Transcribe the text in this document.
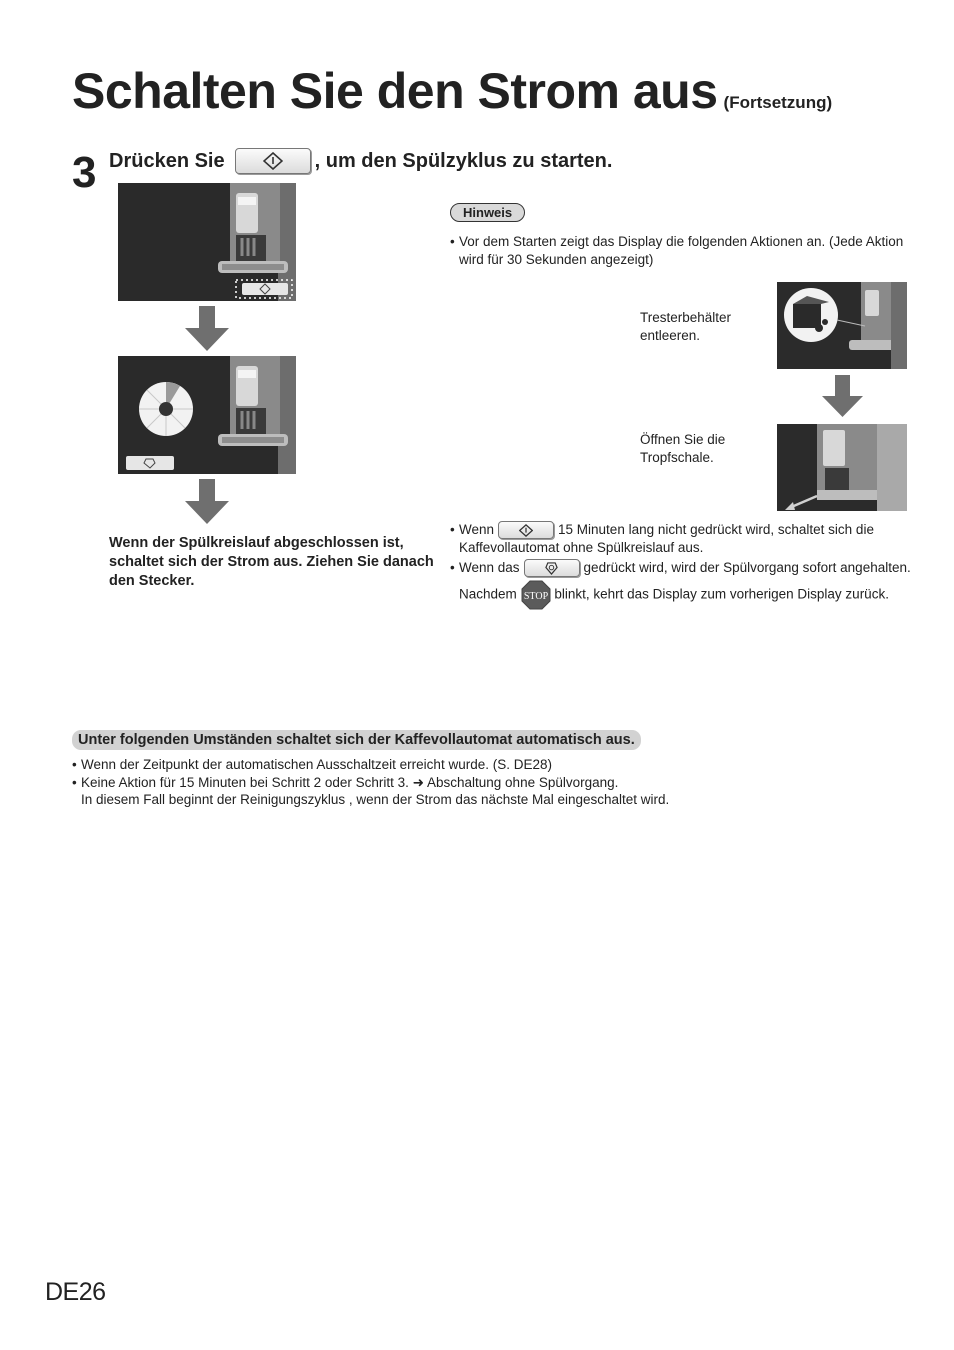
Schalten Sie den Strom aus (Fortsetzung)
3 Drücken Sie	, um den Spülzyklus zu starten.
Wenn der Spülkreislauf abgeschlossen ist, schaltet sich der Strom aus. Ziehen Sie danach den Stecker.
Hinweis
• Vor dem Starten zeigt das Display die folgenden Aktionen an. (Jede Aktion wird für 30 Sekunden angezeigt)
Tresterbehälter entleeren.
Öffnen Sie die Tropfschale.
• Wenn	15 Minuten lang nicht gedrückt wird, schaltet sich die Kaffevollautomat ohne Spülkreislauf aus.
• Wenn das	gedrückt wird, wird der Spülvorgang sofort angehalten.
Nachdem STOP blinkt, kehrt das Display zum vorherigen Display zurück.
Unter folgenden Umständen schaltet sich der Kaffevollautomat automatisch aus.
• Wenn der Zeitpunkt der automatischen Ausschaltzeit erreicht wurde. (S. DE28)
• Keine Aktion für 15 Minuten bei Schritt 2 oder Schritt 3. ➜ Abschaltung ohne Spülvorgang.
In diesem Fall beginnt der Reinigungszyklus , wenn der Strom das nächste Mal eingeschaltet wird.
DE26
